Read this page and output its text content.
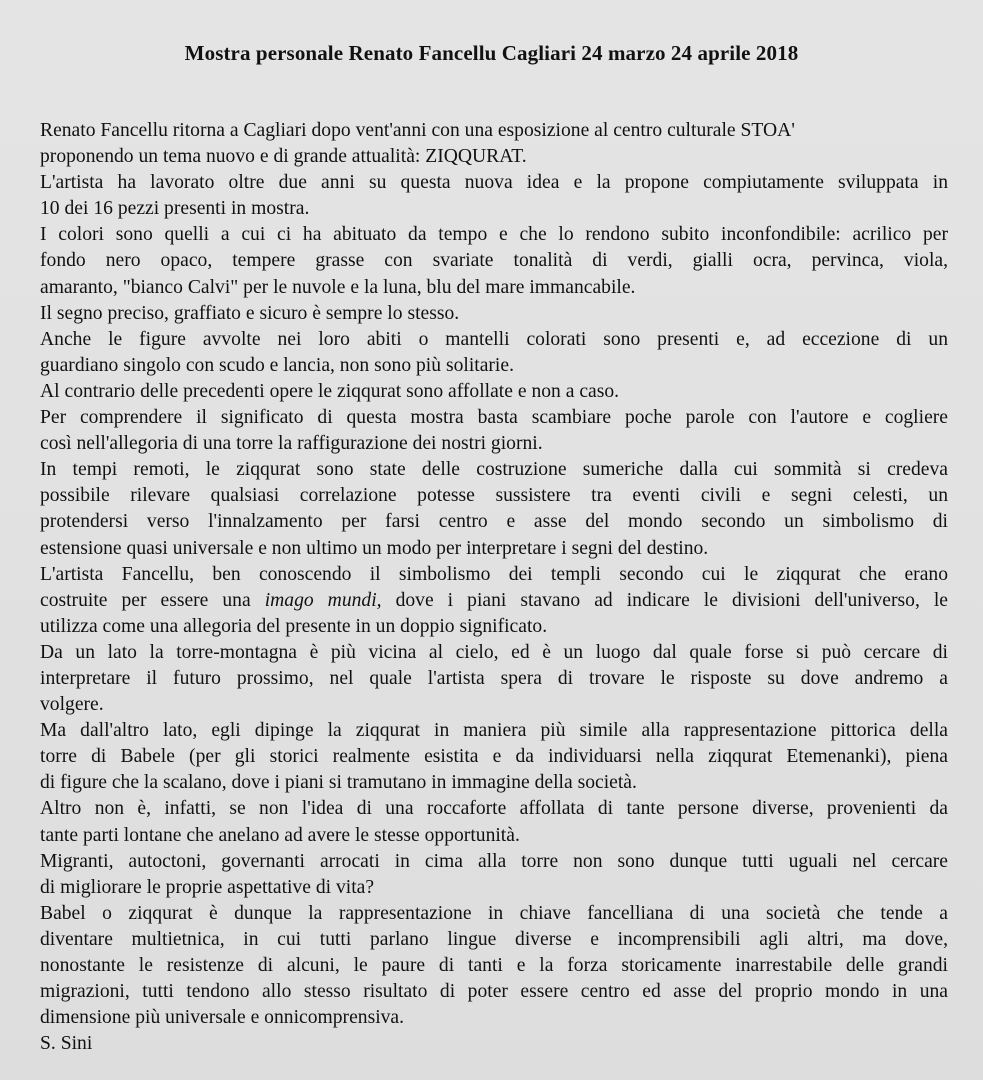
Mostra personale Renato Fancellu Cagliari 24 marzo 24 aprile 2018
Renato Fancellu ritorna a Cagliari dopo vent'anni con una esposizione al centro culturale STOA'
proponendo un tema nuovo e di grande attualità: ZIQQURAT.
L'artista ha lavorato oltre due anni su questa nuova idea e la propone compiutamente sviluppata in
10 dei 16 pezzi presenti in mostra.
I colori sono quelli a cui ci ha abituato da tempo e che lo rendono subito inconfondibile: acrilico per
fondo nero opaco, tempere grasse con svariate tonalità di verdi, gialli ocra, pervinca, viola,
amaranto, "bianco Calvi" per le nuvole e la luna, blu del mare immancabile.
Il segno preciso, graffiato e sicuro è sempre lo stesso.
Anche le figure avvolte nei loro abiti o mantelli colorati sono presenti e, ad eccezione di un
guardiano singolo con scudo e lancia, non sono più solitarie.
Al contrario delle precedenti opere le ziqqurat sono affollate e non a caso.
Per comprendere il significato di questa mostra basta scambiare poche parole con l'autore e cogliere
così nell'allegoria di una torre la raffigurazione dei nostri giorni.
In tempi remoti, le ziqqurat sono state delle costruzione sumeriche dalla cui sommità si credeva
possibile rilevare qualsiasi correlazione potesse sussistere tra eventi civili e segni celesti, un
protendersi verso l'innalzamento per farsi centro e asse del mondo secondo un simbolismo di
estensione quasi universale e non ultimo un modo per interpretare i segni del destino.
L'artista Fancellu, ben conoscendo il simbolismo dei templi secondo cui le ziqqurat che erano
costruite per essere una imago mundi, dove i piani stavano ad indicare le divisioni dell'universo, le
utilizza come una allegoria del presente in un doppio significato.
Da un lato la torre-montagna è più vicina al cielo, ed è un luogo dal quale forse si può cercare di
interpretare il futuro prossimo, nel quale l'artista spera di trovare le risposte su dove andremo a
volgere.
Ma dall'altro lato, egli dipinge la ziqqurat in maniera più simile alla rappresentazione pittorica della
torre di Babele (per gli storici realmente esistita e da individuarsi nella ziqqurat Etemenanki), piena
di figure che la scalano, dove i piani si tramutano in immagine della società.
Altro non è, infatti, se non l'idea di una roccaforte affollata di tante persone diverse, provenienti da
tante parti lontane che anelano ad avere le stesse opportunità.
Migranti, autoctoni, governanti arrocati in cima alla torre non sono dunque tutti uguali nel cercare
di migliorare le proprie aspettative di vita?
Babel o ziqqurat è dunque la rappresentazione in chiave fancelliana di una società che tende a
diventare multietnica, in cui tutti parlano lingue diverse e incomprensibili agli altri, ma dove,
nonostante le resistenze di alcuni, le paure di tanti e la forza storicamente inarrestabile delle grandi
migrazioni, tutti tendono allo stesso risultato di poter essere centro ed asse del proprio mondo in una
dimensione più universale e onnicomprensiva.
S. Sini
